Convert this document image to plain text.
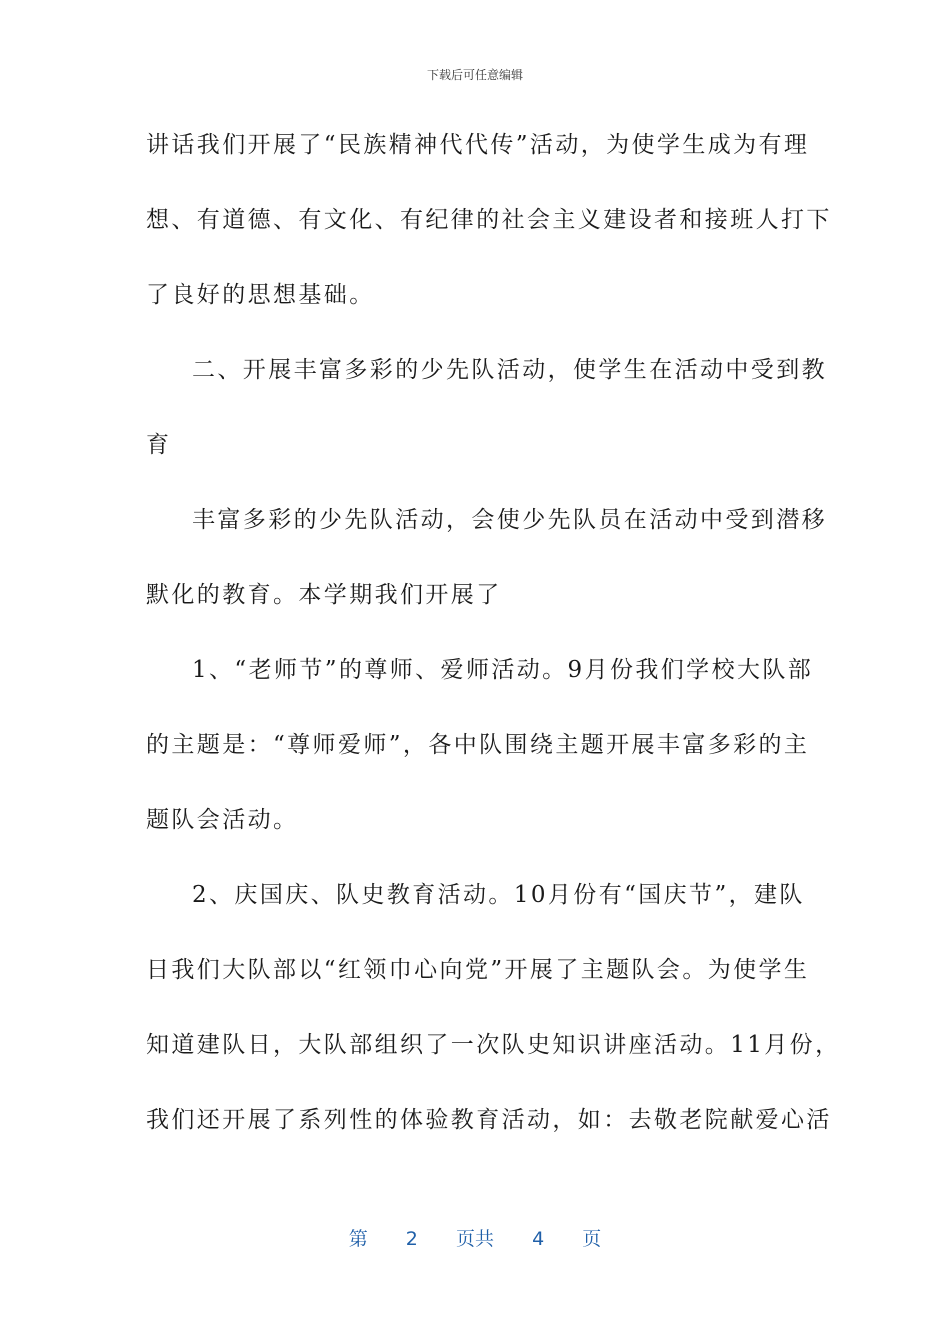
下载后可任意编辑
讲话我们开展了“民族精神代代传”活动，为使学生成为有理
想、有道德、有文化、有纪律的社会主义建设者和接班人打下
了良好的思想基础。
二、开展丰富多彩的少先队活动，使学生在活动中受到教
育
丰富多彩的少先队活动，会使少先队员在活动中受到潜移
默化的教育。本学期我们开展了
1、“老师节”的尊师、爱师活动。9月份我们学校大队部
的主题是：“尊师爱师”，各中队围绕主题开展丰富多彩的主
题队会活动。
2、庆国庆、队史教育活动。10月份有“国庆节”，建队
日我们大队部以“红领巾心向党”开展了主题队会。为使学生
知道建队日，大队部组织了一次队史知识讲座活动。11月份，
我们还开展了系列性的体验教育活动，如：去敬老院献爱心活
第 2 页共 4 页
